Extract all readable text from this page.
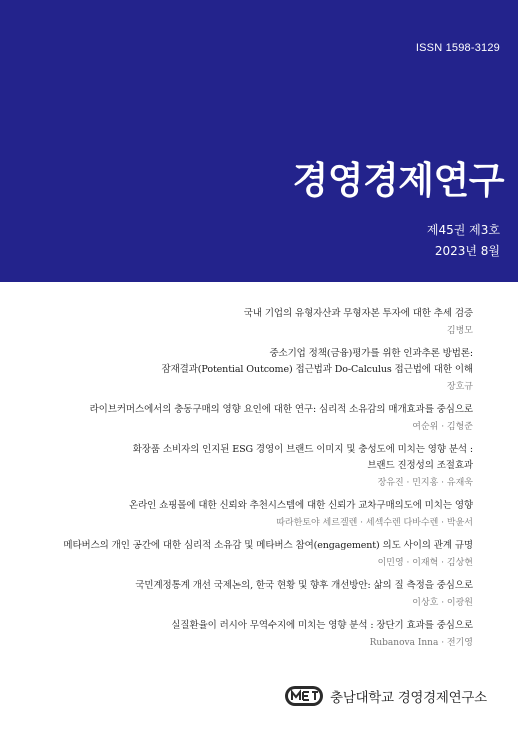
ISSN 1598-3129
경영경제연구
제45권 제3호
2023년 8월
국내 기업의 유형자산과 무형자본 투자에 대한 추세 검증
김병모
중소기업 정책(금융)평가를 위한 인과추론 방법론:
잠재결과(Potential Outcome) 접근법과 Do-Calculus 접근법에 대한 이해
장호규
라이브커머스에서의 충동구매의 영향 요인에 대한 연구: 심리적 소유감의 매개효과를 중심으로
여순위 · 김형준
화장품 소비자의 인지된 ESG 경영이 브랜드 이미지 및 충성도에 미치는 영향 분석 :
브랜드 진정성의 조절효과
장유진 · 민지홍 · 유재욱
온라인 쇼핑몰에 대한 신뢰와 추천시스템에 대한 신뢰가 교차구매의도에 미치는 영향
따라한토야 세르겔렌 · 세섹수렌 다바수렌 · 박윤서
메타버스의 개인 공간에 대한 심리적 소유감 및 메타버스 참여(engagement) 의도 사이의 관계 규명
이민영 · 이재혁 · 김상현
국민계정통계 개선 국제논의, 한국 현황 및 향후 개선방안: 삶의 질 측정을 중심으로
이상호 · 이광원
실질환율이 러시아 무역수지에 미치는 영향 분석 : 장단기 효과를 중심으로
Rubanova Inna · 전기영
충남대학교 경영경제연구소
